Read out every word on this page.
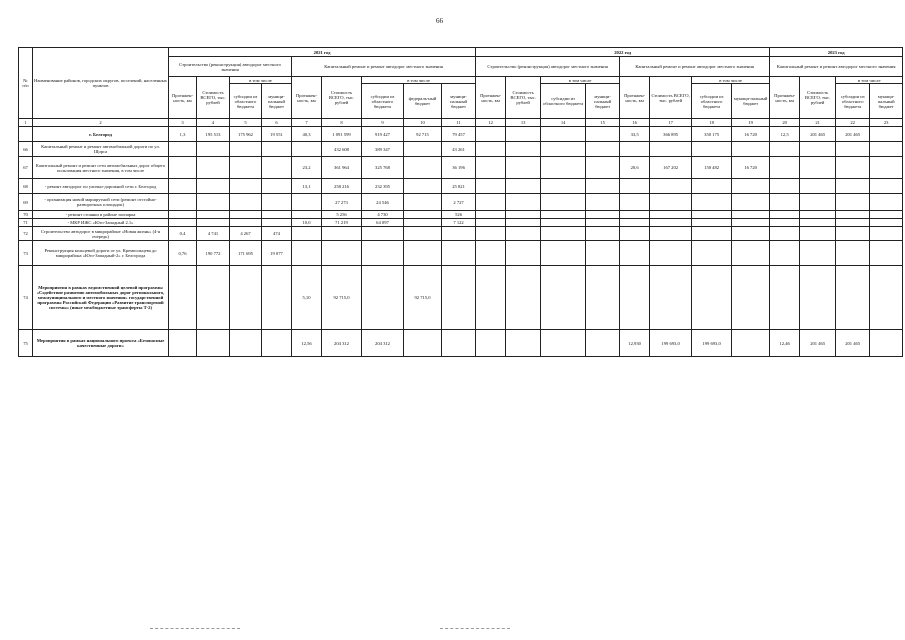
66
№
п/п	Наименование районов, городских округов, поселений, населенных пунктов	2021 год									2022 год								2023 год			
		Строительство (реконструкция) автодорог местного значения				Капитальный ремонт и ремонт автодорог местного значения					Строительство (реконструкция) автодорог местного значения				Капитальный ремонт и ремонт автодорог местного значения				Капитальный ремонт и ремонт автодорог местного значения			
		Протяжен-ность, км	Стоимость ВСЕГО, тыс. рублей	в том числе		Протяжен-ность, км	Стоимость ВСЕГО, тыс. рублей	в том числе			Протяжен-ность, км	Стоимость ВСЕГО, тыс. рублей	в том числе		Протяжен-ность, км	Стоимость ВСЕГО, тыс. рублей	в том числе		Протяжен-ность, км	Стоимость ВСЕГО, тыс. рублей	в том числе	
				субсидии из областного бюджета	муници-пальный бюджет			субсидии из областного бюджета	федераль-ный бюджет	муници-пальный бюджет			субсидии из областного бюджета	муници-пальный бюджет			субсидии из областного бюджета	муници-пальный бюджет			субсидии из областного бюджета	муници-пальный бюджет
1	2	3	4	5	6	7	8	9	10	11	12	13	14	15	16	17	18	19	20	21	22	23
	г. Белгород	1,3	195 513	175 962	19 551	40,3	1 091 599	919 427	92 715	79 457					33,5	366 895	350 175	16 720	12,5	201 465	201 465	
66	Капитальный ремонт и ремонт автомобильной дороги по ул. Щорса						432 608	389 347		43 261												
67	Капитальный ремонт и ремонт сети автомобильных дорог общего пользования местного значения, в том числе					23,2	361 964	325 768		36 196					20,6	167 202	150 482	16 720				
68	- ремонт автодорог по улично-дорожной сети г. Белгород					13,1	258 216	232 395		25 821												
69	- организация новой маршрутной сети (ремонт отстойно-разворотных площадок)						27 273	24 546		2 727												
70	- ремонт стоянки в районе зоопарка						5 256	4 730		526												
71	- МКР ИЖС «Юго-Западный 2.1»					10,0	71 219	64 097		7 122												
72	Строительство автодорог в микрорайоне «Новая жизнь» (4-я очередь)	0,4	4 741	4 267	474																	
73	Реконструкция кольцевой дороги от ул. Кремпольцева до микрорайона «Юго-Западный-2» г. Белгорода	0,76	190 772	171 695	19 077																	
74	Мероприятия в рамках ведомственной целевой программы «Содействие развитию автомобильных дорог регионального, межмуниципального и местного значения» государственной программы Российской Федерации «Развитие транспортной системы» (иные межбюджетные трансферты Т-2)					5,10	92 715,0		92 715,0													
75	Мероприятия в рамках национального проекта «Безопасные качественные дороги»					12,56	204 312	204 312							12,930	199 693,0	199 693,0		12,46	201 465	201 465	
